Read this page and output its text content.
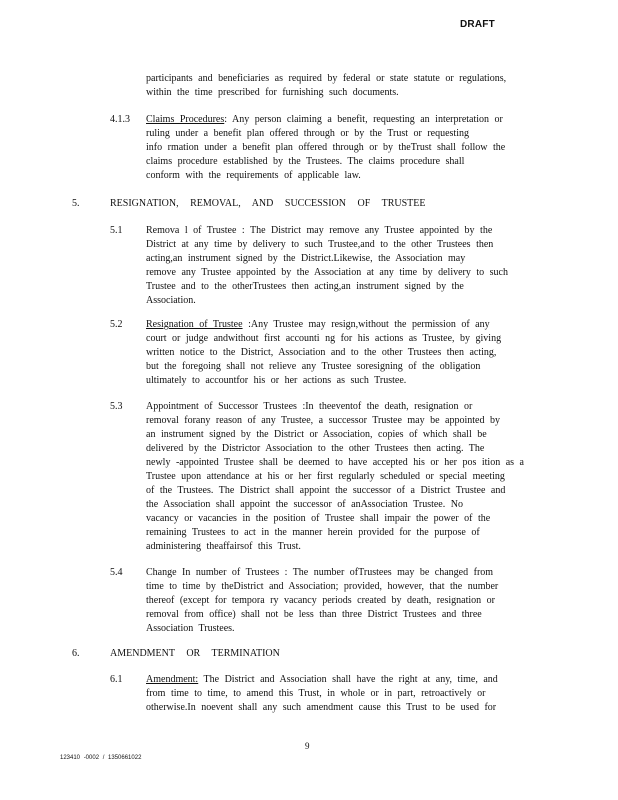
DRAFT
participants and beneficiaries as required by federal or state statute or regulations,
within the time prescribed for furnishing such documents.
4.1.3 Claims Procedures: Any person claiming a benefit, requesting an interpretation or
ruling under a benefit plan offered through or by the Trust or requesting
info rmation under a benefit plan offered through or by theTrust shall follow the
claims procedure established by the Trustees. The claims procedure shall
conform with the requirements of applicable law.
5.	RESIGNATION, REMOVAL, AND SUCCESSION OF TRUSTEE
5.1 Remova l of Trustee : The District may remove any Trustee appointed by the
District at any time by delivery to such Trustee,and to the other Trustees then
acting,an instrument signed by the District.Likewise, the Association may
remove any Trustee appointed by the Association at any time by delivery to such
Trustee and to the otherTrustees then acting,an instrument signed by the
Association.
5.2 Resignation of Trustee :Any Trustee may resign,without the permission of any
court or judge andwithout first accounti ng for his actions as Trustee, by giving
written notice to the District, Association and to the other Trustees then acting,
but the foregoing shall not relieve any Trustee soresigning of the obligation
ultimately to accountfor his or her actions as such Trustee.
5.3 Appointment of Successor Trustees :In theeventof the death, resignation or
removal forany reason of any Trustee, a successor Trustee may be appointed by
an instrument signed by the District or Association, copies of which shall be
delivered by the Districtor Association to the other Trustees then acting. The
newly -appointed Trustee shall be deemed to have accepted his or her pos ition as a
Trustee upon attendance at his or her first regularly scheduled or special meeting
of the Trustees. The District shall appoint the successor of a District Trustee and
the Association shall appoint the successor of anAssociation Trustee. No
vacancy or vacancies in the position of Trustee shall impair the power of the
remaining Trustees to act in the manner herein provided for the purpose of
administering theaffairsof this Trust.
5.4 Change In number of Trustees : The number ofTrustees may be changed from
time to time by theDistrict and Association; provided, however, that the number
thereof (except for tempora ry vacancy periods created by death, resignation or
removal from office) shall not be less than three District Trustees and three
Association Trustees.
6.	AMENDMENT OR TERMINATION
6.1 Amendment: The District and Association shall have the right at any, time, and
from time to time, to amend this Trust, in whole or in part, retroactively or
otherwise.In noevent shall any such amendment cause this Trust to be used for
9
123410 -0002 / 1350661022
